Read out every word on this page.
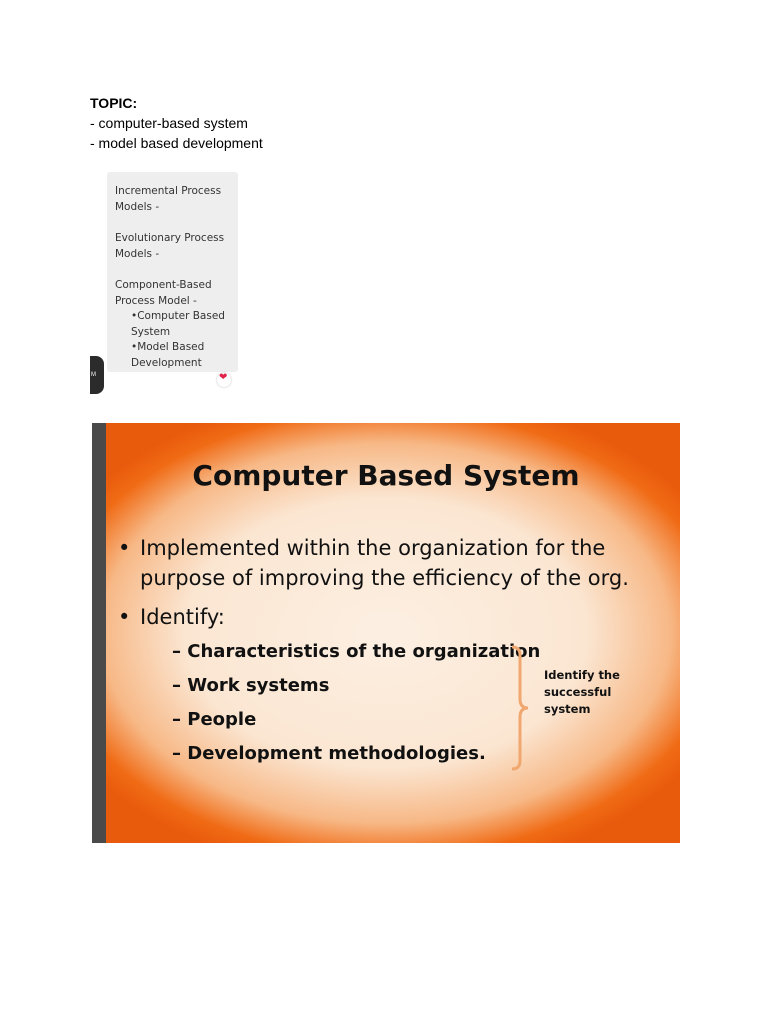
TOPIC:
- computer-based system
- model based development
M
Incremental Process Models -
Evolutionary Process Models -
Component-Based Process Model -
•Computer Based System
•Model Based Development
❤
Computer Based System
• Implemented within the organization for the purpose of improving the efficiency of the org.
• Identify:
– Characteristics of the organization
– Work systems
– People
– Development methodologies.
Identify the successful system
